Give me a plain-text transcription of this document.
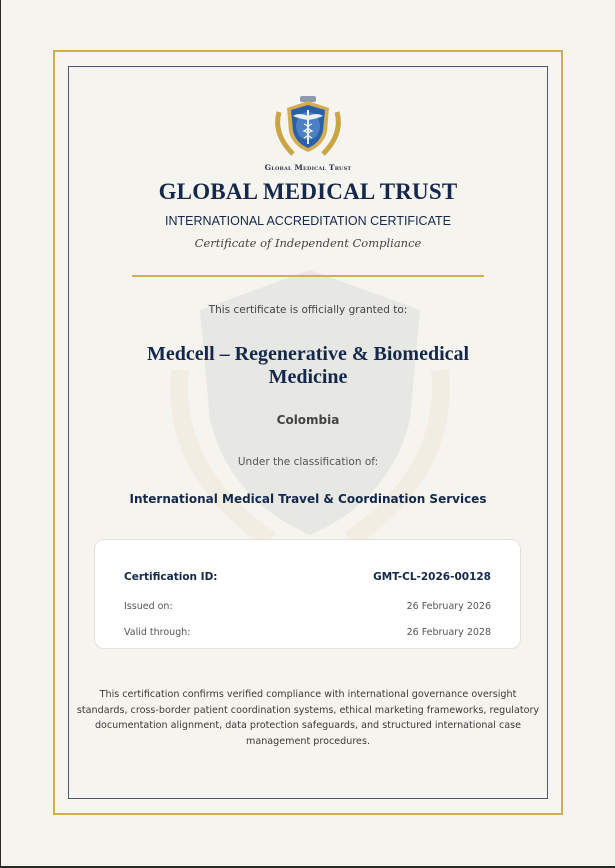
Global Medical Trust
GLOBAL MEDICAL TRUST
INTERNATIONAL ACCREDITATION CERTIFICATE
Certificate of Independent Compliance
This certificate is officially granted to:
Medcell – Regenerative & Biomedical Medicine
Colombia
Under the classification of:
International Medical Travel & Coordination Services
Certification ID:	GMT-CL-2026-00128
Issued on:	26 February 2026
Valid through:	26 February 2028
This certification confirms verified compliance with international governance oversight standards, cross-border patient coordination systems, ethical marketing frameworks, regulatory documentation alignment, data protection safeguards, and structured international case management procedures.
